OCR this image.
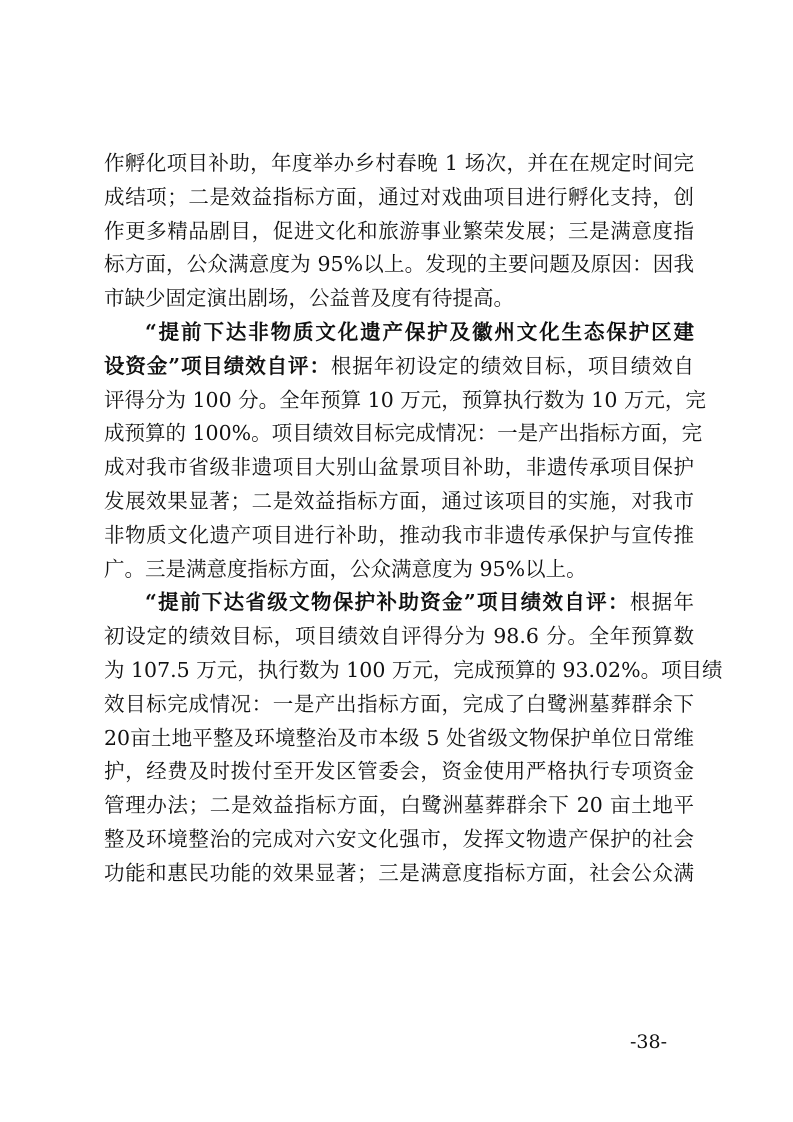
作孵化项目补助，年度举办乡村春晚 1 场次，并在在规定时间完
成结项；二是效益指标方面，通过对戏曲项目进行孵化支持，创
作更多精品剧目，促进文化和旅游事业繁荣发展；三是满意度指
标方面，公众满意度为 95%以上。发现的主要问题及原因：因我
市缺少固定演出剧场，公益普及度有待提高。
“提前下达非物质文化遗产保护及徽州文化生态保护区建
设资金”项目绩效自评：根据年初设定的绩效目标，项目绩效自
评得分为 100 分。全年预算 10 万元，预算执行数为 10 万元，完
成预算的 100%。项目绩效目标完成情况：一是产出指标方面，完
成对我市省级非遗项目大别山盆景项目补助，非遗传承项目保护
发展效果显著；二是效益指标方面，通过该项目的实施，对我市
非物质文化遗产项目进行补助，推动我市非遗传承保护与宣传推
广。三是满意度指标方面，公众满意度为 95%以上。
“提前下达省级文物保护补助资金”项目绩效自评：根据年
初设定的绩效目标，项目绩效自评得分为 98.6 分。全年预算数
为 107.5 万元，执行数为 100 万元，完成预算的 93.02%。项目绩
效目标完成情况：一是产出指标方面，完成了白鹭洲墓葬群余下
20亩土地平整及环境整治及市本级 5 处省级文物保护单位日常维
护，经费及时拨付至开发区管委会，资金使用严格执行专项资金
管理办法；二是效益指标方面，白鹭洲墓葬群余下 20 亩土地平
整及环境整治的完成对六安文化强市，发挥文物遗产保护的社会
功能和惠民功能的效果显著；三是满意度指标方面，社会公众满
-38-
